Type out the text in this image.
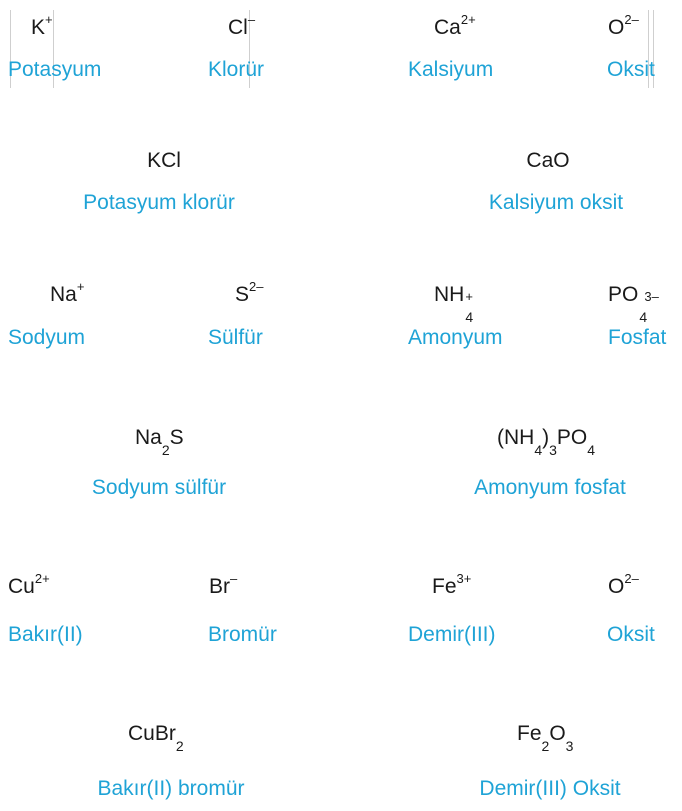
K+
Potasyum
Cl–
Klorür
$Ca^{2+}$
Kalsiyum
$O^{2-}$
Oksit
KCl
Potasyum klorür
CaO
Kalsiyum oksit
Na+
Sodyum
$S^{2-}$
Sülfür
NH +
4
Amonyum
PO 3–
4
Fosfat
$Na_2S$
Sodyum sülfür
$(NH_4)_3PO_4$
Amonyum fosfat
$Cu^{2+}$
Bakır(II)
Br–
Bromür
$Fe^{3+}$
Demir(III)
$O^{2-}$
Oksit
CuBr$_2$
Bakır(II) bromür
$Fe_2O_3$
Demir(III) Oksit
